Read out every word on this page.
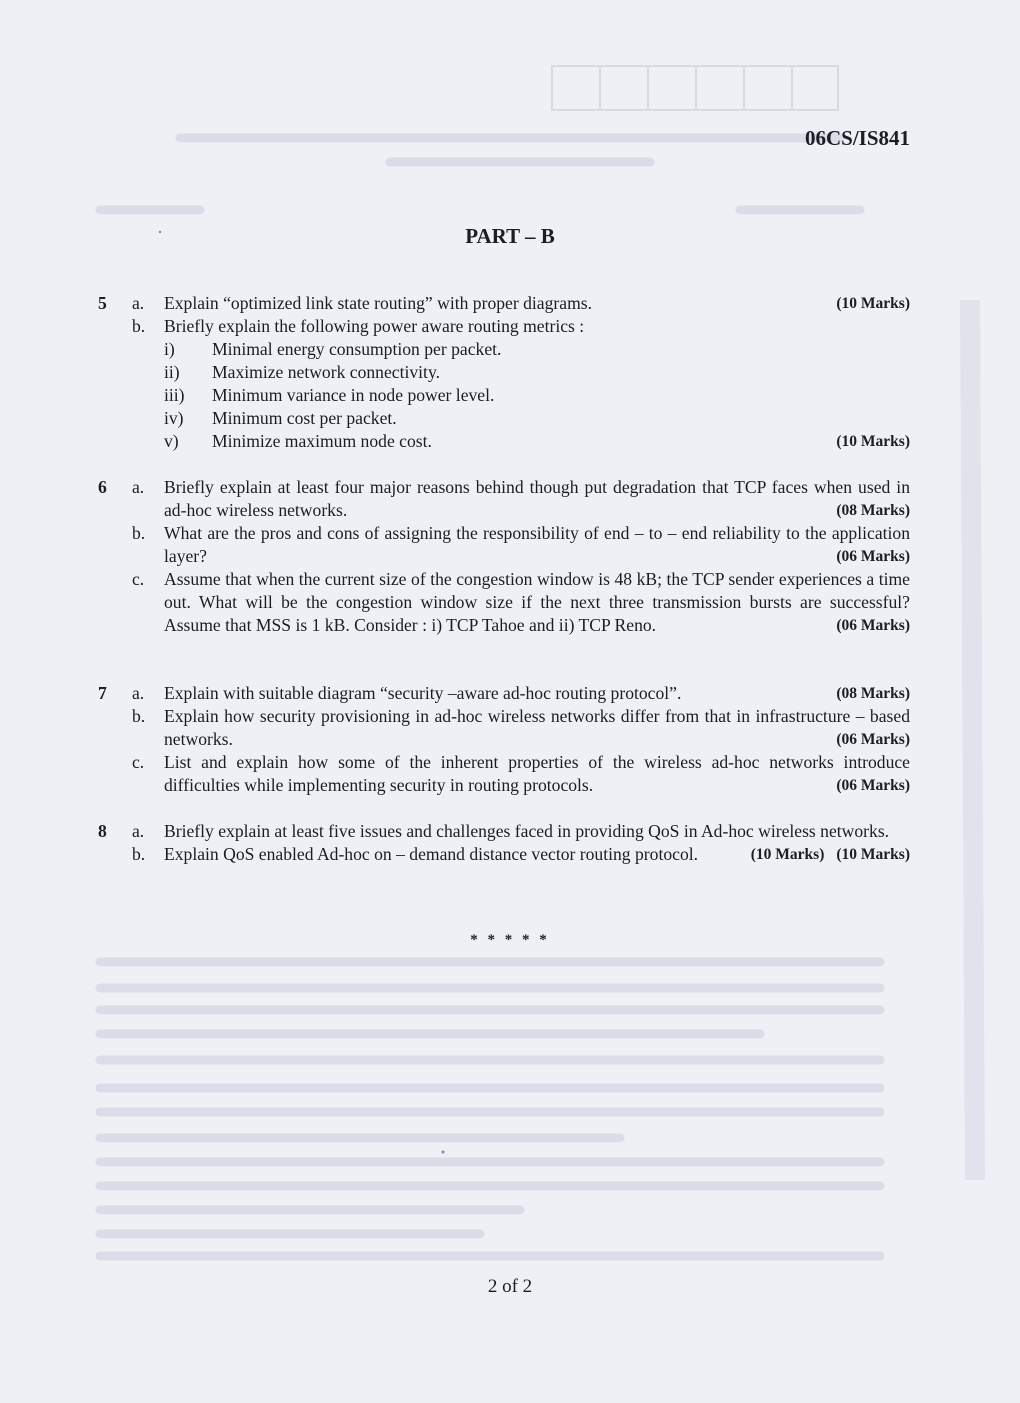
06CS/IS841
PART – B
5	a.	(10 Marks)
Explain “optimized link state routing” with proper diagrams.
b. Briefly explain the following power aware routing metrics :
i) Minimal energy consumption per packet.
ii) Maximize network connectivity.
iii) Minimum variance in node power level.
iv) Minimum cost per packet.
v)	(10 Marks)
Minimize maximum node cost.
6	a. Briefly explain at least four major reasons behind though put degradation that TCP faces when used in ad-hoc wireless networks.	(08 Marks)
b. What are the pros and cons of assigning the responsibility of end – to – end reliability to the application layer?	(06 Marks)
c. Assume that when the current size of the congestion window is 48 kB; the TCP sender experiences a time out. What will be the congestion window size if the next three transmission bursts are successful? Assume that MSS is 1 kB. Consider : i) TCP Tahoe and ii) TCP Reno.	(06 Marks)
7	a.	(08 Marks)
Explain with suitable diagram “security –aware ad-hoc routing protocol”.
b. Explain how security provisioning in ad-hoc wireless networks differ from that in infrastructure – based networks.	(06 Marks)
c. List and explain how some of the inherent properties of the wireless ad-hoc networks introduce difficulties while implementing security in routing protocols.	(06 Marks)
8	a. Briefly explain at least five issues and challenges faced in providing QoS in Ad-hoc wireless networks.
(10 Marks)
b.	(10 Marks)
Explain QoS enabled Ad-hoc on – demand distance vector routing protocol.
* * * * *
2 of 2
